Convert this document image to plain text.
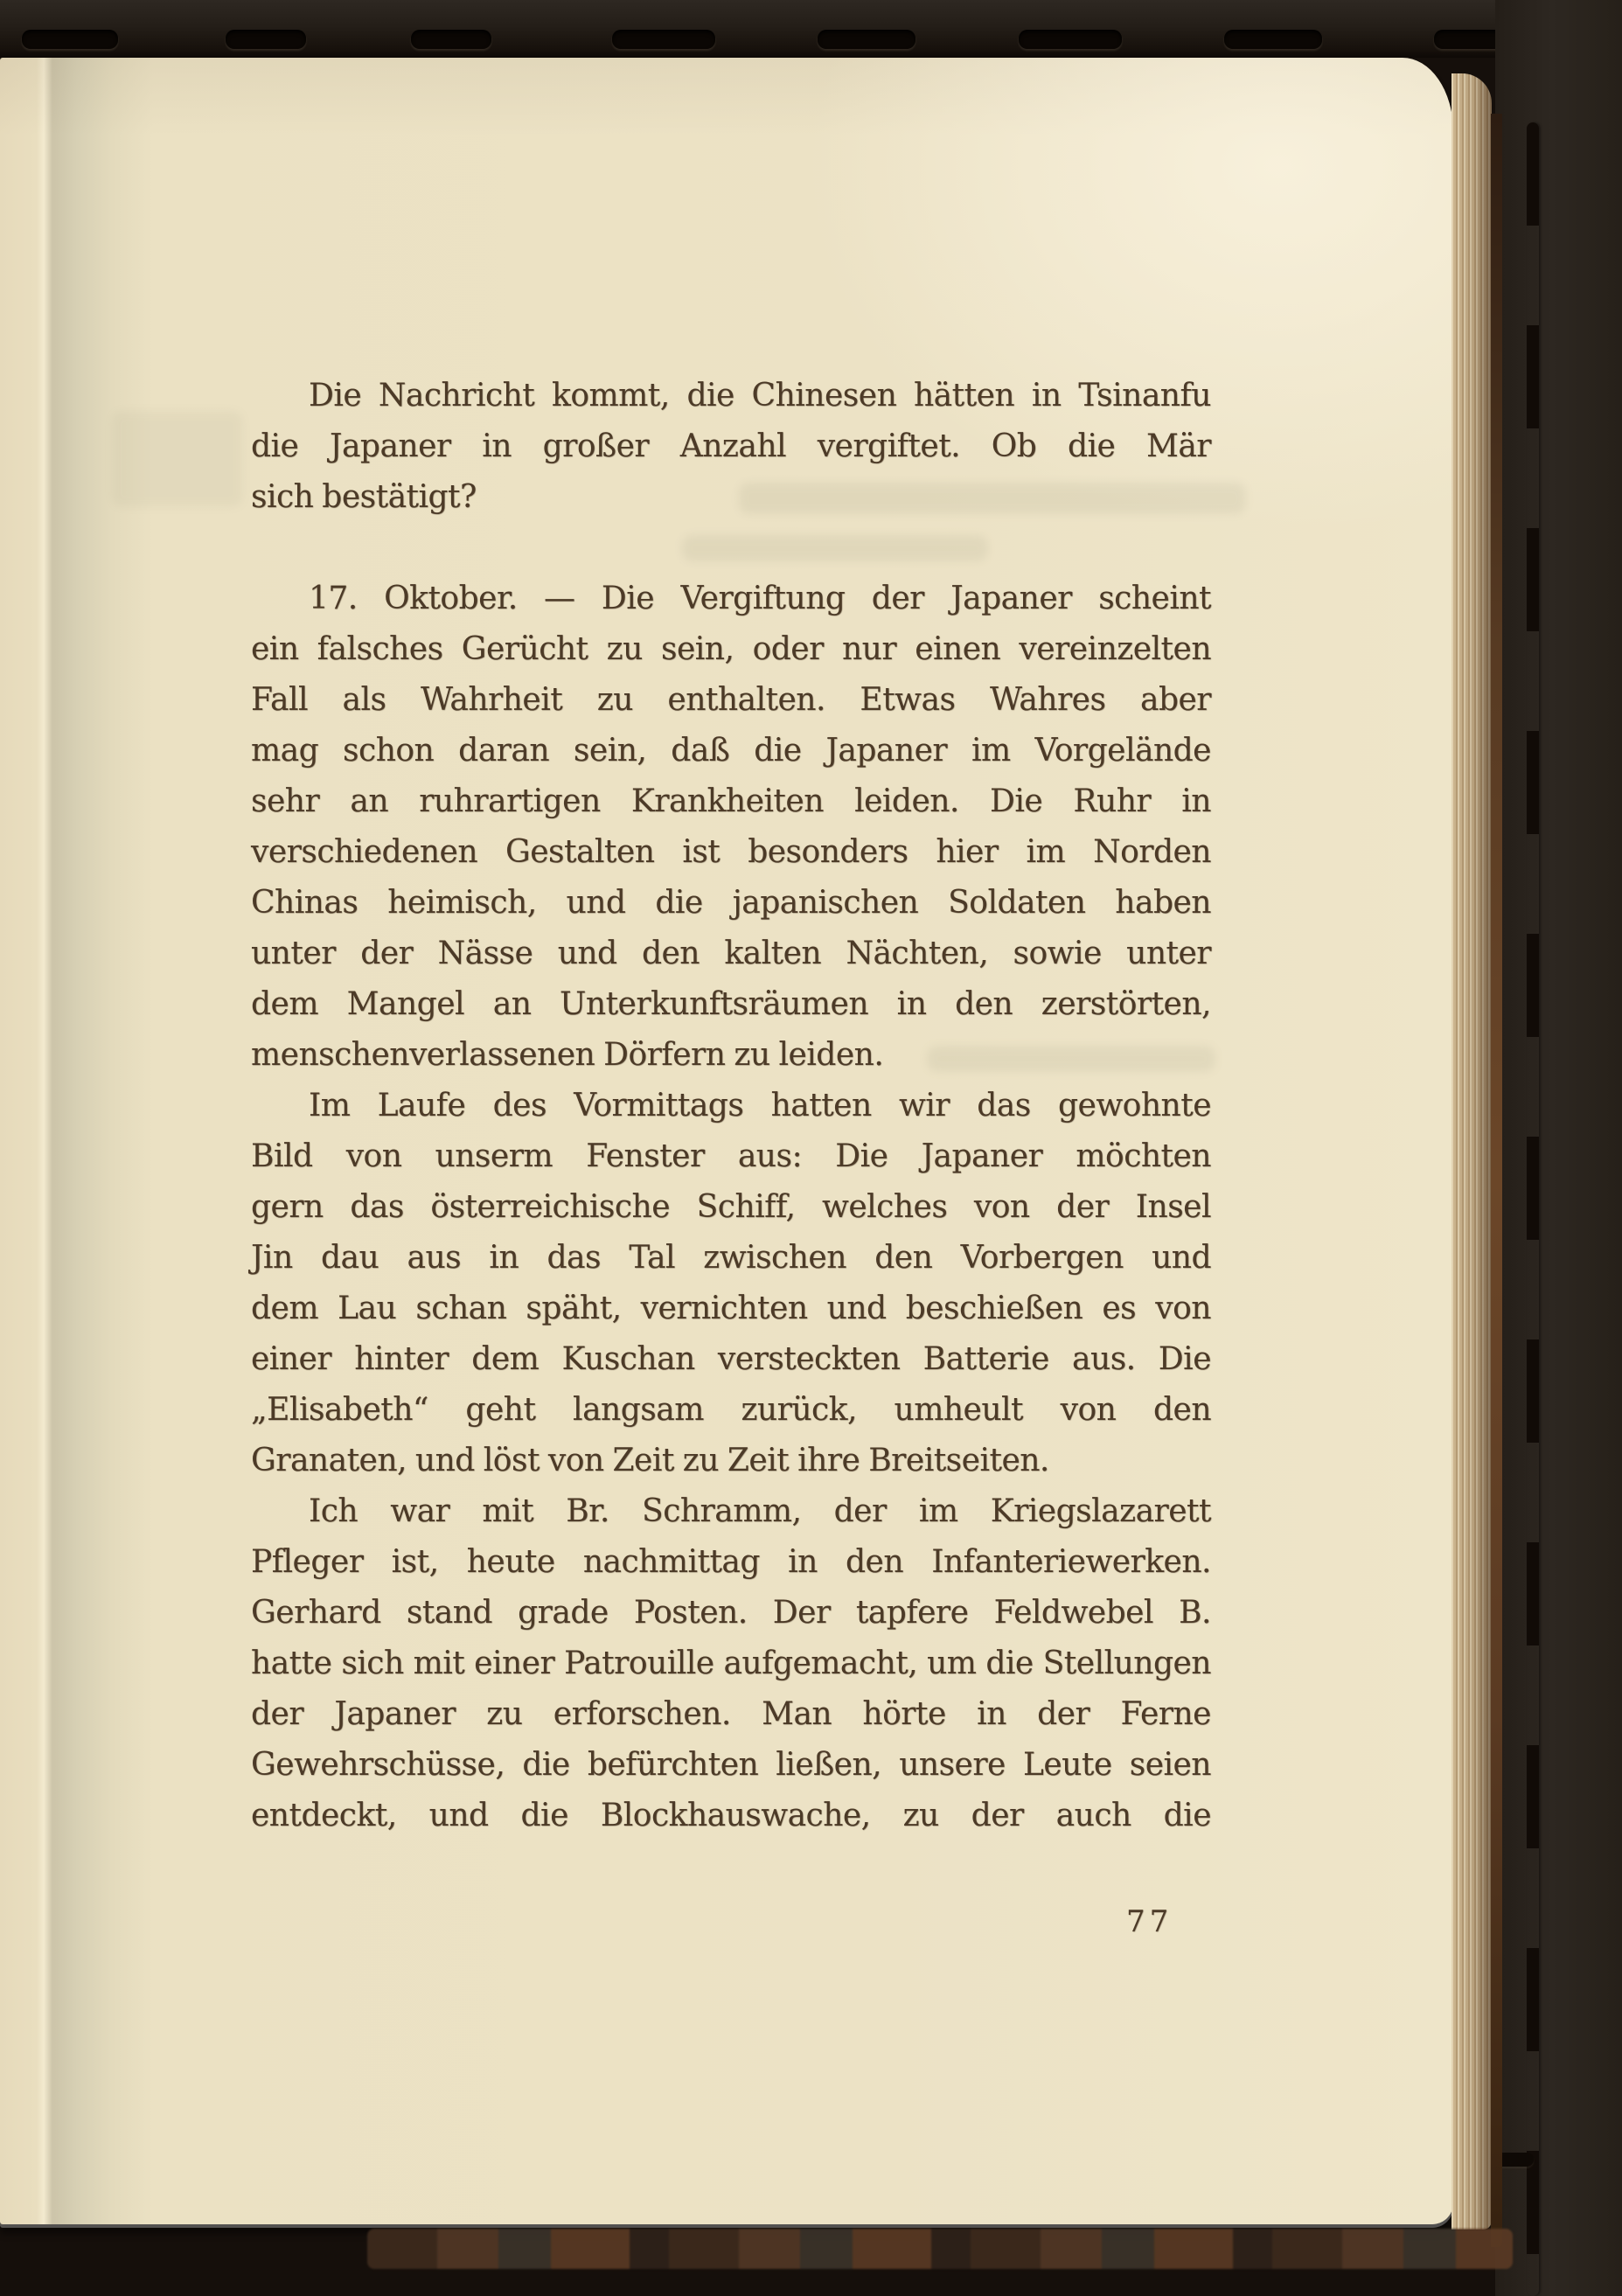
Die Nachricht kommt, die Chinesen hätten in Tsinanfu
die Japaner in großer Anzahl vergiftet. Ob die Mär
sich bestätigt?

17. Oktober. — Die Vergiftung der Japaner scheint
ein falsches Gerücht zu sein, oder nur einen vereinzelten
Fall als Wahrheit zu enthalten. Etwas Wahres aber
mag schon daran sein, daß die Japaner im Vorgelände
sehr an ruhrartigen Krankheiten leiden. Die Ruhr in
verschiedenen Gestalten ist besonders hier im Norden
Chinas heimisch, und die japanischen Soldaten haben
unter der Nässe und den kalten Nächten, sowie unter
dem Mangel an Unterkunftsräumen in den zerstörten,
menschenverlassenen Dörfern zu leiden.

Im Laufe des Vormittags hatten wir das gewohnte
Bild von unserm Fenster aus: Die Japaner möchten
gern das österreichische Schiff, welches von der Insel
Jin dau aus in das Tal zwischen den Vorbergen und
dem Lau schan späht, vernichten und beschießen es von
einer hinter dem Kuschan versteckten Batterie aus. Die
„Elisabeth“ geht langsam zurück, umheult von den
Granaten, und löst von Zeit zu Zeit ihre Breitseiten.

Ich war mit Br. Schramm, der im Kriegslazarett
Pfleger ist, heute nachmittag in den Infanteriewerken.
Gerhard stand grade Posten. Der tapfere Feldwebel B.
hatte sich mit einer Patrouille aufgemacht, um die Stellungen
der Japaner zu erforschen. Man hörte in der Ferne
Gewehrschüsse, die befürchten ließen, unsere Leute seien
entdeckt, und die Blockhauswache, zu der auch die

77
